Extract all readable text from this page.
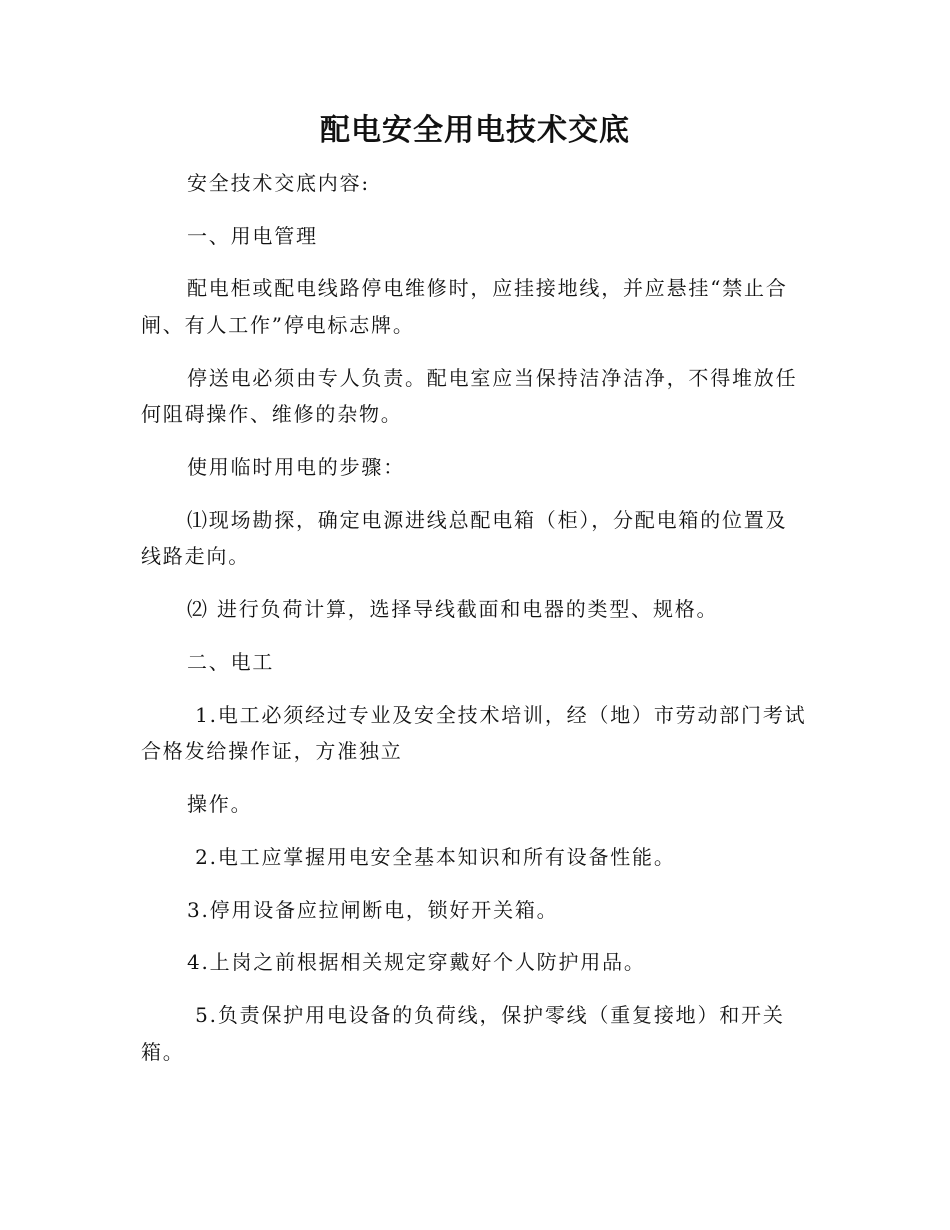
配电安全用电技术交底
安全技术交底内容:
一、用电管理
配电柜或配电线路停电维修时，应挂接地线，并应悬挂“禁止合
闸、有人工作”停电标志牌。
停送电必须由专人负责。配电室应当保持洁净洁净，不得堆放任
何阻碍操作、维修的杂物。
使用临时用电的步骤：
⑴现场勘探，确定电源进线总配电箱（柜），分配电箱的位置及
线路走向。
⑵ 进行负荷计算，选择导线截面和电器的类型、规格。
二、电工
1.电工必须经过专业及安全技术培训，经（地）市劳动部门考试
合格发给操作证，方准独立
操作。
2.电工应掌握用电安全基本知识和所有设备性能。
3.停用设备应拉闸断电，锁好开关箱。
4.上岗之前根据相关规定穿戴好个人防护用品。
5.负责保护用电设备的负荷线，保护零线（重复接地）和开关
箱。
